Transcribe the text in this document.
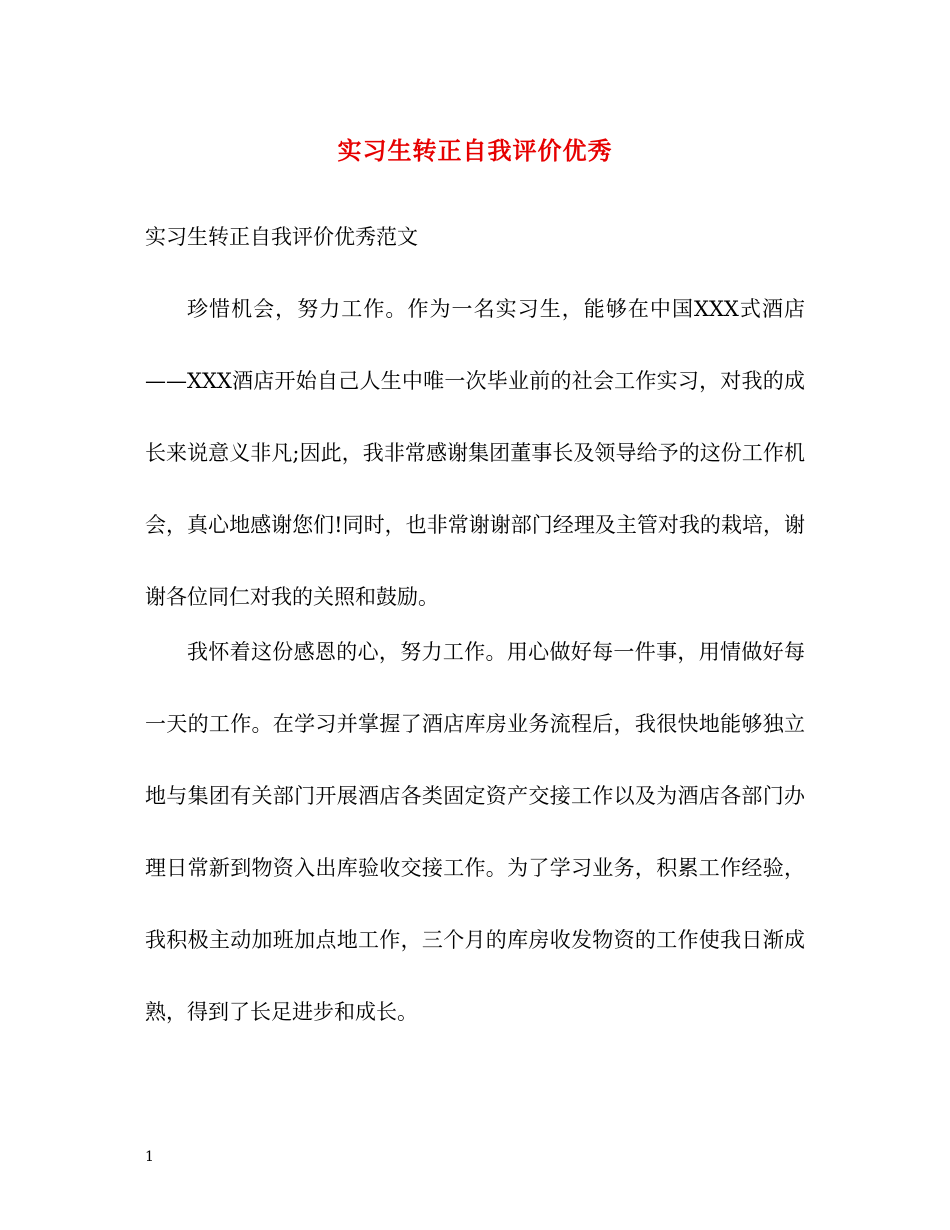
实习生转正自我评价优秀
实习生转正自我评价优秀范文
珍惜机会，努力工作。作为一名实习生，能够在中国XXX式酒店——XXX酒店开始自己人生中唯一次毕业前的社会工作实习，对我的成长来说意义非凡;因此，我非常感谢集团董事长及领导给予的这份工作机会，真心地感谢您们!同时，也非常谢谢部门经理及主管对我的栽培，谢谢各位同仁对我的关照和鼓励。
我怀着这份感恩的心，努力工作。用心做好每一件事，用情做好每一天的工作。在学习并掌握了酒店库房业务流程后，我很快地能够独立地与集团有关部门开展酒店各类固定资产交接工作以及为酒店各部门办理日常新到物资入出库验收交接工作。为了学习业务，积累工作经验，我积极主动加班加点地工作，三个月的库房收发物资的工作使我日渐成熟，得到了长足进步和成长。
1
